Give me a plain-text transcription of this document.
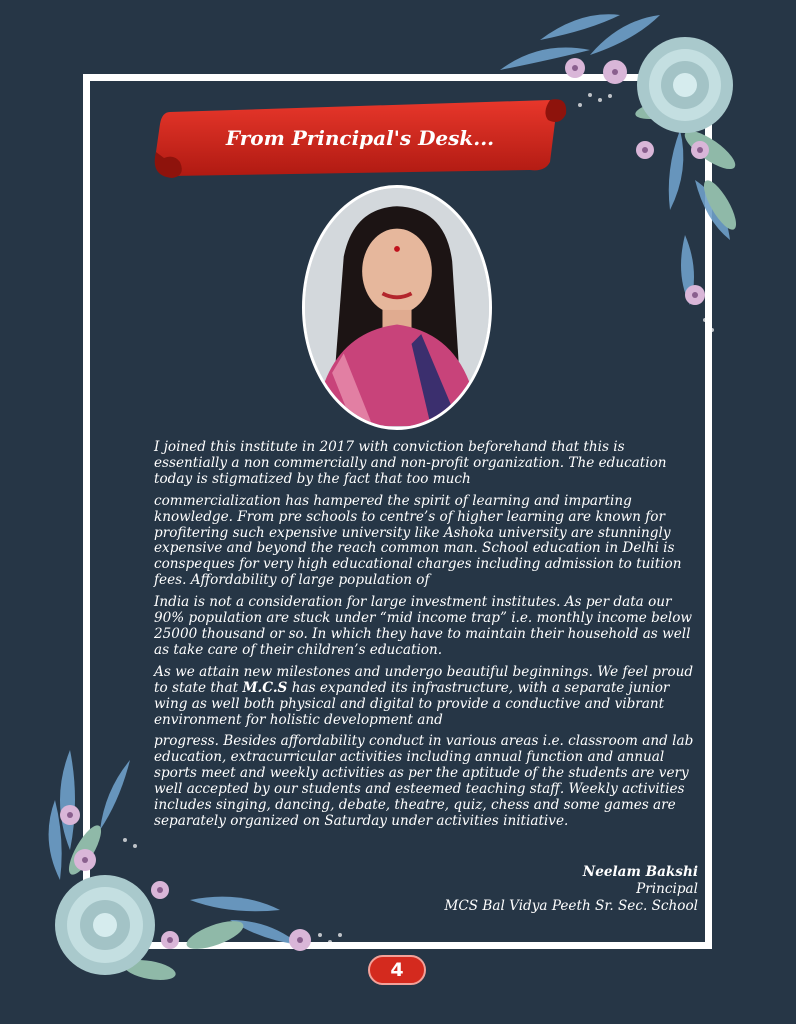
From Principal's Desk...

I joined this institute in 2017 with conviction beforehand that this is essentially a non commercially and non-profit organization. The education today is stigmatized by the fact that too much

commercialization has hampered the spirit of learning and imparting knowledge. From pre schools to centre’s of higher learning are known for profitering such expensive university like Ashoka university are stunningly expensive and beyond the reach common man. School education in Delhi is conspeques for very high educational charges including admission to tuition fees. Affordability of large population of

India is not a consideration for large investment institutes. As per data our 90% population are stuck under “mid income trap” i.e. monthly income below 25000 thousand or so. In which they have to maintain their household as well as take care of their children’s education.

As we attain new milestones and undergo beautiful beginnings. We feel proud to state that M.C.S has expanded its infrastructure, with a separate junior wing as well both physical and digital to provide a conductive and vibrant environment for holistic development and

progress. Besides affordability conduct in various areas i.e. classroom and lab education, extracurricular activities including annual function and annual sports meet and weekly activities as per the aptitude of the students are very well accepted by our students and esteemed teaching staff. Weekly activities includes singing, dancing, debate, theatre, quiz, chess and some games are separately organized on Saturday under activities initiative.

Neelam Bakshi
Principal
MCS Bal Vidya Peeth Sr. Sec. School
4
